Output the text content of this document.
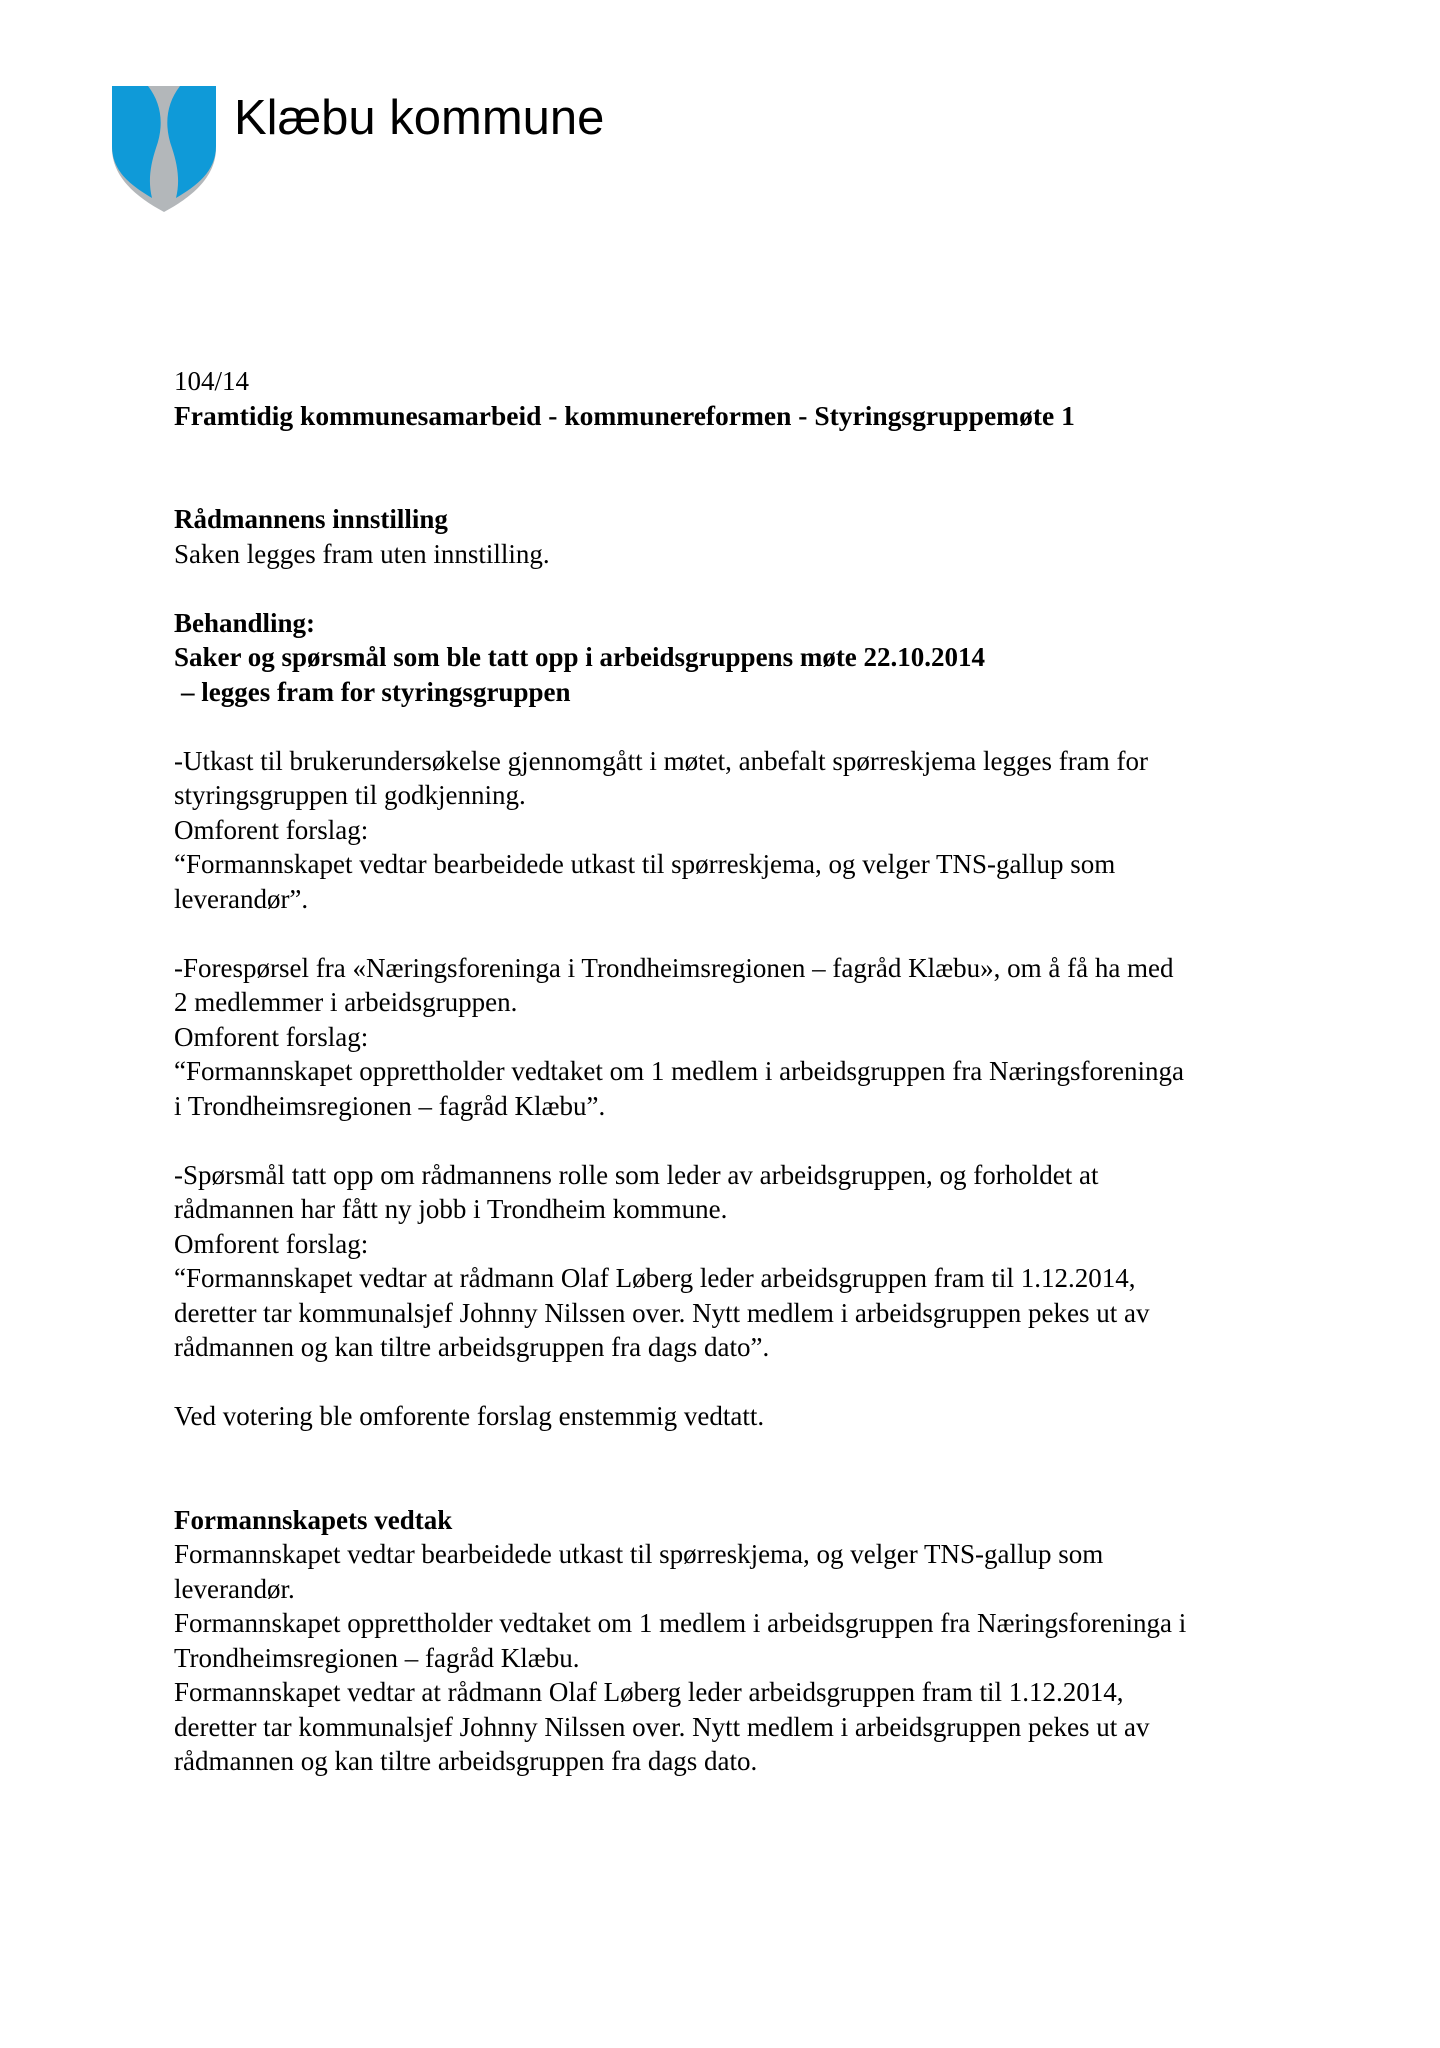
Klæbu kommune

104/14

Framtidig kommunesamarbeid - kommunereformen - Styringsgruppemøte 1

Rådmannens innstilling

Saken legges fram uten innstilling.

Behandling:

Saker og spørsmål som ble tatt opp i arbeidsgruppens møte 22.10.2014

– legges fram for styringsgruppen

-Utkast til brukerundersøkelse gjennomgått i møtet, anbefalt spørreskjema legges fram for

styringsgruppen til godkjenning.

Omforent forslag:

“Formannskapet vedtar bearbeidede utkast til spørreskjema, og velger TNS-gallup som

leverandør”.

-Forespørsel fra «Næringsforeninga i Trondheimsregionen – fagråd Klæbu», om å få ha med

2 medlemmer i arbeidsgruppen.

Omforent forslag:

“Formannskapet opprettholder vedtaket om 1 medlem i arbeidsgruppen fra Næringsforeninga

i Trondheimsregionen – fagråd Klæbu”.

-Spørsmål tatt opp om rådmannens rolle som leder av arbeidsgruppen, og forholdet at

rådmannen har fått ny jobb i Trondheim kommune.

Omforent forslag:

“Formannskapet vedtar at rådmann Olaf Løberg leder arbeidsgruppen fram til 1.12.2014,

deretter tar kommunalsjef Johnny Nilssen over. Nytt medlem i arbeidsgruppen pekes ut av

rådmannen og kan tiltre arbeidsgruppen fra dags dato”.

Ved votering ble omforente forslag enstemmig vedtatt.

Formannskapets vedtak

Formannskapet vedtar bearbeidede utkast til spørreskjema, og velger TNS-gallup som

leverandør.

Formannskapet opprettholder vedtaket om 1 medlem i arbeidsgruppen fra Næringsforeninga i

Trondheimsregionen – fagråd Klæbu.

Formannskapet vedtar at rådmann Olaf Løberg leder arbeidsgruppen fram til 1.12.2014,

deretter tar kommunalsjef Johnny Nilssen over. Nytt medlem i arbeidsgruppen pekes ut av

rådmannen og kan tiltre arbeidsgruppen fra dags dato.
